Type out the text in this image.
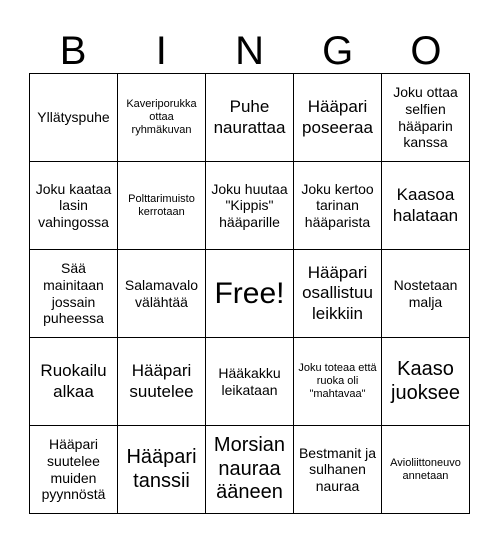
B	I	N	G	O
Yllätyspuhe
Kaveriporukka ottaa ryhmäkuvan
Puhe naurattaa
Hääpari poseeraa
Joku ottaa selfien hääparin kanssa
Joku kaataa lasin vahingossa
Polttarimuisto kerrotaan
Joku huutaa "Kippis" hääparille
Joku kertoo tarinan hääparista
Kaasoa halataan
Sää mainitaan jossain puheessa
Salamavalo välähtää Free!
Hääpari osallistuu leikkiin
Nostetaan malja
Ruokailu alkaa
Hääpari suutelee
Hääkakku leikataan
Joku toteaa että ruoka oli "mahtavaa"
Kaaso juoksee
Hääpari suutelee muiden pyynnöstä
Hääpari tanssii
Morsian nauraa ääneen
Bestmanit ja sulhanen nauraa
Avioliittoneuvo annetaan
